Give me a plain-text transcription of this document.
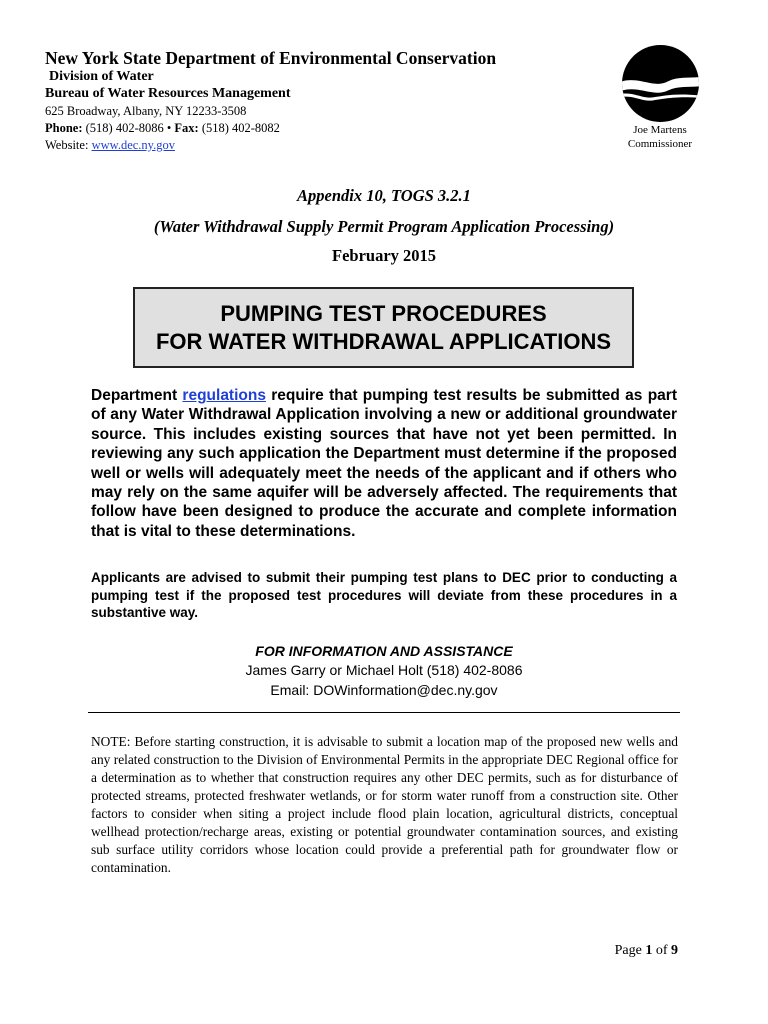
New York State Department of Environmental Conservation
Division of Water
Bureau of Water Resources Management
625 Broadway, Albany, NY 12233-3508
Phone: (518) 402-8086 • Fax: (518) 402-8082
Website: www.dec.ny.gov
Joe Martens
Commissioner
Appendix 10, TOGS 3.2.1
(Water Withdrawal Supply Permit Program Application Processing)
February 2015
PUMPING TEST PROCEDURES
FOR WATER WITHDRAWAL APPLICATIONS
Department regulations require that pumping test results be submitted as part of any Water Withdrawal Application involving a new or additional groundwater source. This includes existing sources that have not yet been permitted. In reviewing any such application the Department must determine if the proposed well or wells will adequately meet the needs of the applicant and if others who may rely on the same aquifer will be adversely affected. The requirements that follow have been designed to produce the accurate and complete information that is vital to these determinations.
Applicants are advised to submit their pumping test plans to DEC prior to conducting a pumping test if the proposed test procedures will deviate from these procedures in a substantive way.
FOR INFORMATION AND ASSISTANCE
James Garry or Michael Holt (518) 402-8086
Email: DOWinformation@dec.ny.gov
NOTE: Before starting construction, it is advisable to submit a location map of the proposed new wells and any related construction to the Division of Environmental Permits in the appropriate DEC Regional office for a determination as to whether that construction requires any other DEC permits, such as for disturbance of protected streams, protected freshwater wetlands, or for storm water runoff from a construction site. Other factors to consider when siting a project include flood plain location, agricultural districts, conceptual wellhead protection/recharge areas, existing or potential groundwater contamination sources, and existing sub surface utility corridors whose location could provide a preferential path for groundwater flow or contamination.
Page 1 of 9
